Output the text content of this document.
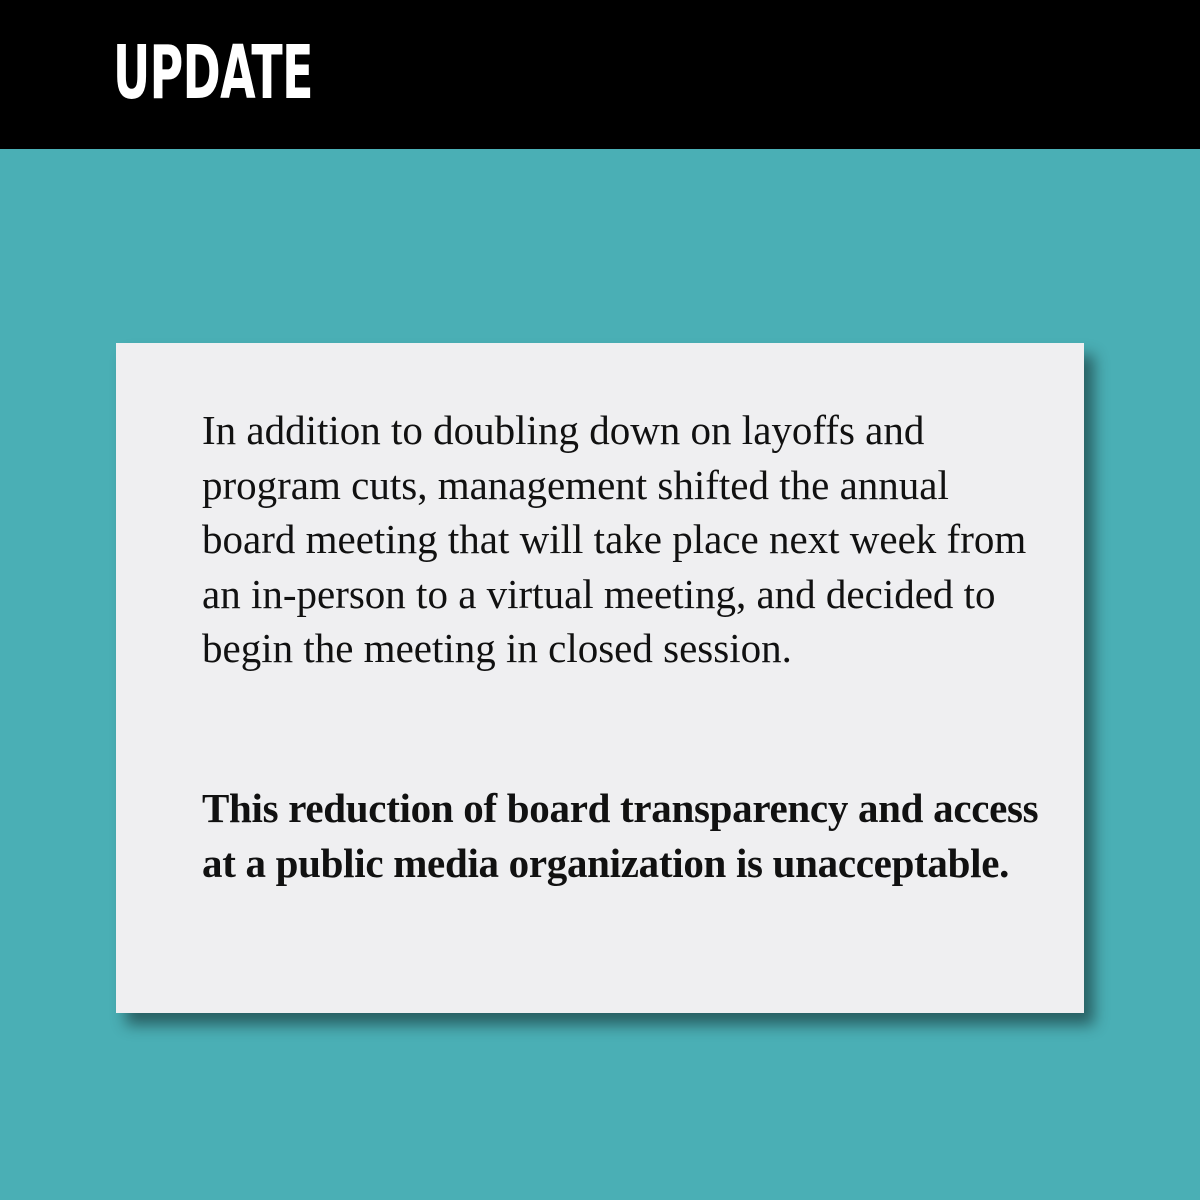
UPDATE

In addition to doubling down on layoffs and program cuts, management shifted the annual board meeting that will take place next week from an in-person to a virtual meeting, and decided to begin the meeting in closed session.

This reduction of board transparency and access at a public media organization is unacceptable.
